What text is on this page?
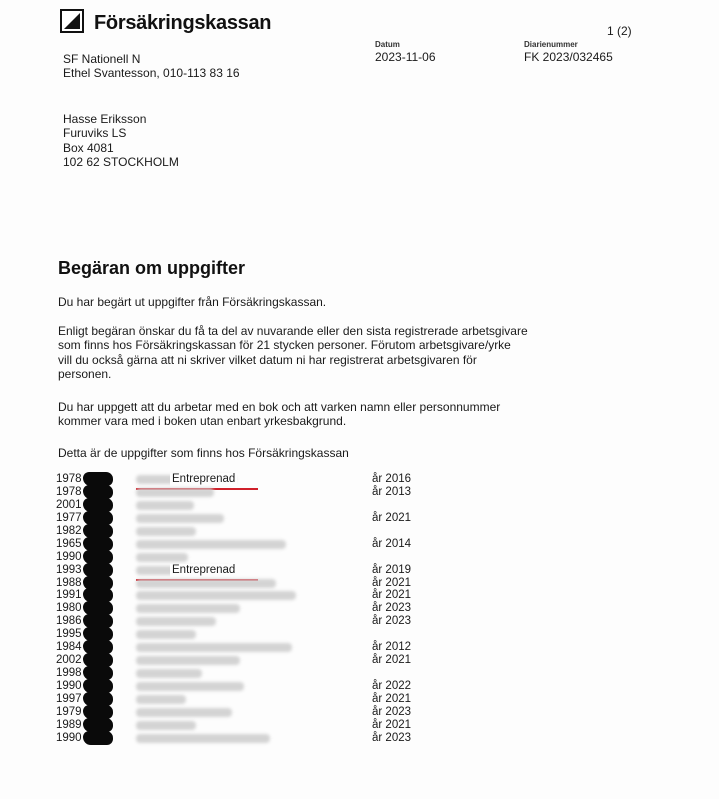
Försäkringskassan	1 (2)
SF Nationell N
Ethel Svantesson, 010-113 83 16
Datum
2023-11-06
Diarienummer
FK 2023/032465
Hasse Eriksson
Furuviks LS
Box 4081
102 62 STOCKHOLM
Begäran om uppgifter
Du har begärt ut uppgifter från Försäkringskassan.
Enligt begäran önskar du få ta del av nuvarande eller den sista registrerade arbetsgivare
som finns hos Försäkringskassan för 21 stycken personer. Förutom arbetsgivare/yrke
vill du också gärna att ni skriver vilket datum ni har registrerat arbetsgivaren för
personen.
Du har uppgett att du arbetar med en bok och att varken namn eller personnummer
kommer vara med i boken utan enbart yrkesbakgrund.
Detta är de uppgifter som finns hos Försäkringskassan
1978	Entreprenad	år 2016
1978	år 2013
2001
1977	år 2021
1982
1965	år 2014
1990
1993	Entreprenad	år 2019
1988	år 2021
1991	år 2021
1980	år 2023
1986	år 2023
1995
1984	år 2012
2002	år 2021
1998
1990	år 2022
1997	år 2021
1979	år 2023
1989	år 2021
1990	år 2023
